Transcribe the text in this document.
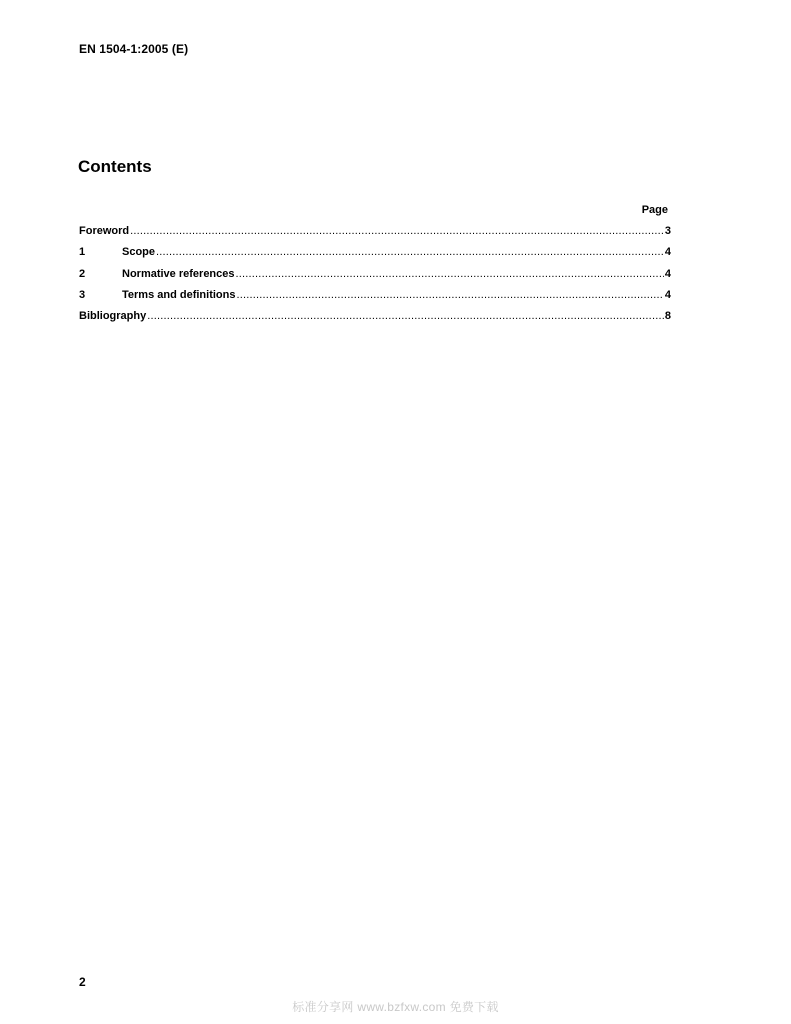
EN 1504-1:2005 (E)
Contents
Page
Foreword .....	3
1	Scope .....	4
2	Normative references .....	4
3	Terms and definitions .....	4
Bibliography .....	8
2
标准分享网 www.bzfxw.com 免费下载
